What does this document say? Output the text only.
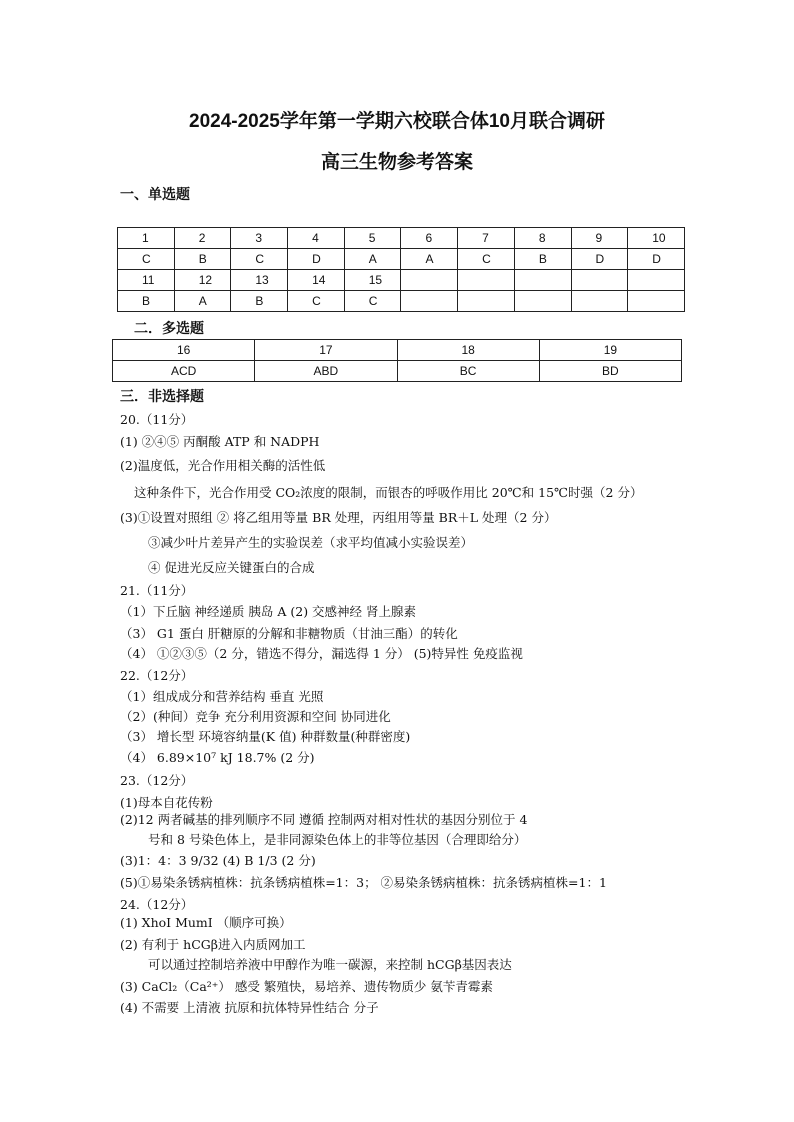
2024-2025学年第一学期六校联合体10月联合调研
高三生物参考答案
一、单选题
1	2	3	4	5	6	7	8	9	10
C	B	C	D	A	A	C	B	D	D
11	12	13	14	15					
B	A	B	C	C					
二．多选题
16	17	18	19
ACD	ABD	BC	BD
三．非选择题
20.（11分）
(1) ②④⑤ 丙酮酸 ATP 和 NADPH
(2)温度低，光合作用相关酶的活性低
这种条件下，光合作用受 CO₂浓度的限制，而银杏的呼吸作用比 20℃和 15℃时强（2 分）
(3)①设置对照组 ② 将乙组用等量 BR 处理，丙组用等量 BR＋L 处理（2 分）
③减少叶片差异产生的实验误差（求平均值减小实验误差）
④ 促进光反应关键蛋白的合成
21.（11分）
（1）下丘脑 神经递质 胰岛 A (2) 交感神经 肾上腺素
（3） G1 蛋白 肝糖原的分解和非糖物质（甘油三酯）的转化
（4） ①②③⑤（2 分，错选不得分，漏选得 1 分） (5)特异性 免疫监视
22.（12分）
（1）组成成分和营养结构 垂直 光照
（2）(种间）竞争 充分利用资源和空间 协同进化
（3） 增长型 环境容纳量(K 值) 种群数量(种群密度)
（4） 6.89×10⁷ kJ 18.7% (2 分)
23.（12分）
(1)母本自花传粉
(2)12 两者碱基的排列顺序不同 遵循 控制两对相对性状的基因分别位于 4
号和 8 号染色体上，是非同源染色体上的非等位基因（合理即给分）
(3)1：4：3 9/32 (4) B 1/3 (2 分)
(5)①易染条锈病植株：抗条锈病植株=1：3； ②易染条锈病植株：抗条锈病植株=1：1
24.（12分）
(1) XhoⅠ MumⅠ （顺序可换）
(2) 有利于 hCGβ进入内质网加工
可以通过控制培养液中甲醇作为唯一碳源，来控制 hCGβ基因表达
(3) CaCl₂（Ca²⁺） 感受 繁殖快，易培养、遗传物质少 氨苄青霉素
(4) 不需要 上清液 抗原和抗体特异性结合 分子
